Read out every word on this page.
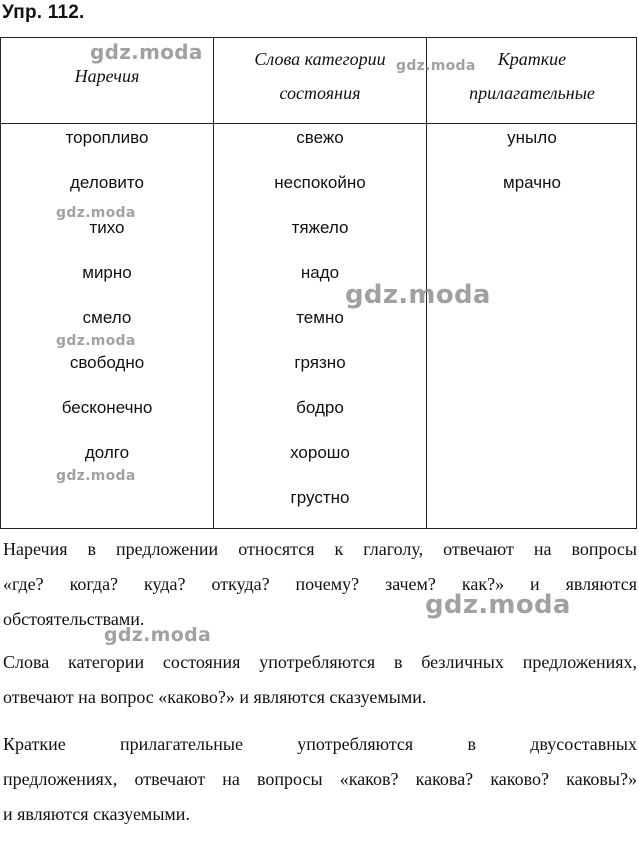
Упр. 112.
Наречия
Слова категории
состояния
Краткие
прилагательные
торопливо
деловито
тихо
мирно
смело
свободно
бесконечно
долго
свежо
неспокойно
тяжело
надо
темно
грязно
бодро
хорошо
грустно
уныло
мрачно
Наречия в предложении относятся к глаголу, отвечают на вопросы
«где? когда? куда? откуда? почему? зачем? как?» и являются
обстоятельствами.
Слова категории состояния употребляются в безличных предложениях,
отвечают на вопрос «каково?» и являются сказуемыми.
Краткие прилагательные употребляются в двусоставных
предложениях, отвечают на вопросы «каков? какова? каково? каковы?»
и являются сказуемыми.
gdz.moda
gdz.moda
gdz.moda
gdz.moda
gdz.moda
gdz.moda
gdz.moda
gdz.moda
